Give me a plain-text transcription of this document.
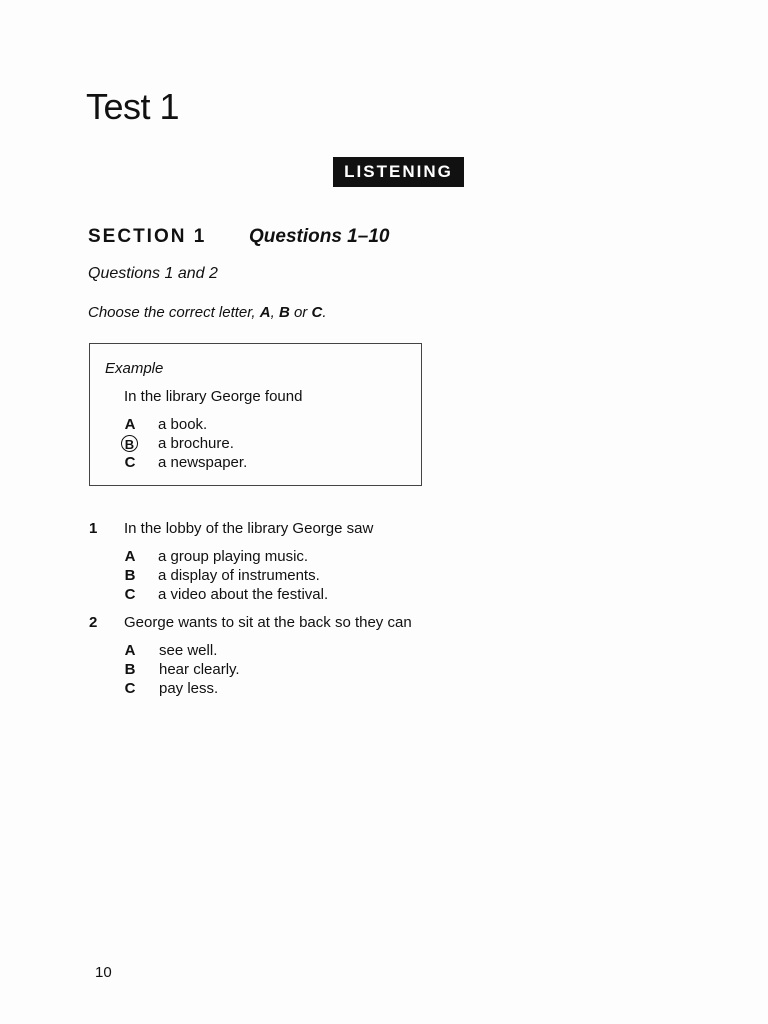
Test 1
LISTENING
SECTION 1 Questions 1–10
Questions 1 and 2
Choose the correct letter, A, B or C.
Example
In the library George found
A a book.
B a brochure.
C a newspaper.
1 In the lobby of the library George saw
A a group playing music.
B a display of instruments.
C a video about the festival.
2 George wants to sit at the back so they can
A see well.
B hear clearly.
C pay less.
10
